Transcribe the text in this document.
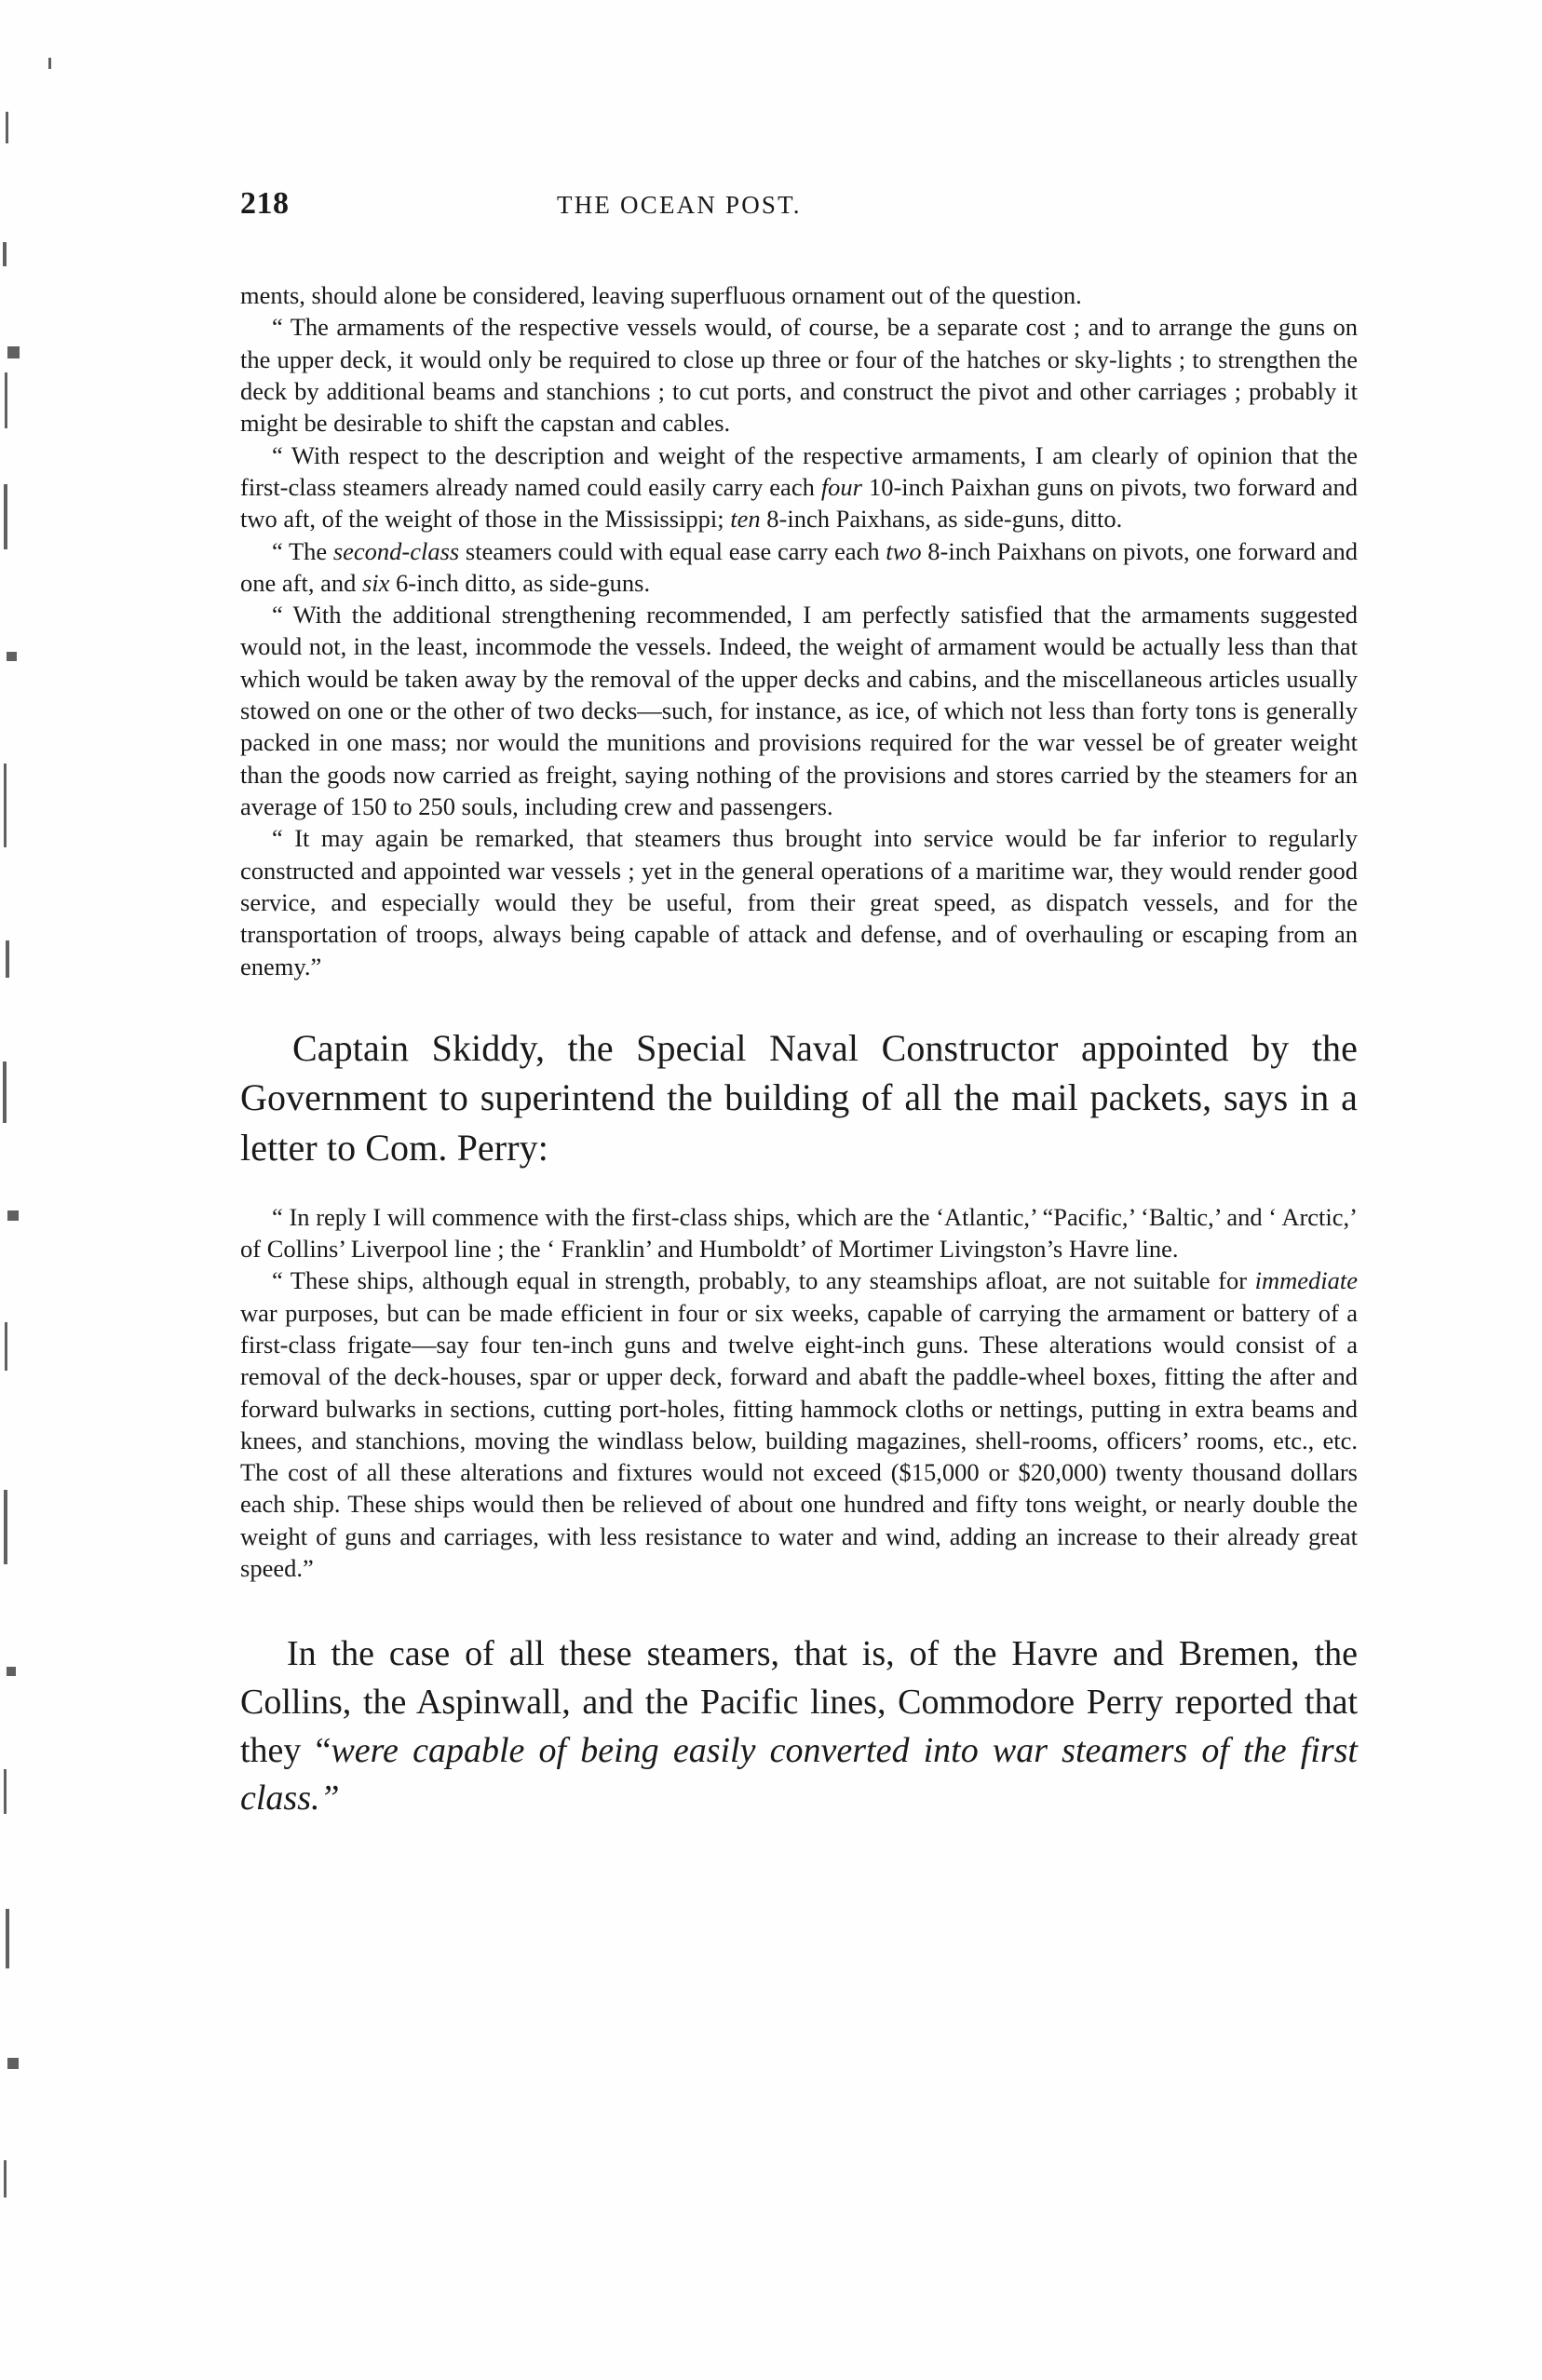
218	THE OCEAN POST.

ments, should alone be considered, leaving superfluous ornament out of the question.

“ The armaments of the respective vessels would, of course, be a separate cost ; and to arrange the guns on the upper deck, it would only be required to close up three or four of the hatches or sky-lights ; to strengthen the deck by additional beams and stanchions ; to cut ports, and construct the pivot and other carriages ; probably it might be desirable to shift the capstan and cables.

“ With respect to the description and weight of the respective armaments, I am clearly of opinion that the first-class steamers already named could easily carry each four 10-inch Paixhan guns on pivots, two forward and two aft, of the weight of those in the Mississippi; ten 8-inch Paixhans, as side-guns, ditto.

“ The second-class steamers could with equal ease carry each two 8-inch Paixhans on pivots, one forward and one aft, and six 6-inch ditto, as side-guns.

“ With the additional strengthening recommended, I am perfectly satisfied that the armaments suggested would not, in the least, incommode the vessels. Indeed, the weight of armament would be actually less than that which would be taken away by the removal of the upper decks and cabins, and the miscellaneous articles usually stowed on one or the other of two decks—such, for instance, as ice, of which not less than forty tons is generally packed in one mass; nor would the munitions and provisions required for the war vessel be of greater weight than the goods now carried as freight, saying nothing of the provisions and stores carried by the steamers for an average of 150 to 250 souls, including crew and passengers.

“ It may again be remarked, that steamers thus brought into service would be far inferior to regularly constructed and appointed war vessels ; yet in the general operations of a maritime war, they would render good service, and especially would they be useful, from their great speed, as dispatch vessels, and for the transportation of troops, always being capable of attack and defense, and of overhauling or escaping from an enemy.”

Captain Skiddy, the Special Naval Constructor appointed by the Government to superintend the building of all the mail packets, says in a letter to Com. Perry:

“ In reply I will commence with the first-class ships, which are the ‘Atlantic,’ “Pacific,’ ‘Baltic,’ and ‘ Arctic,’ of Collins’ Liverpool line ; the ‘ Franklin’ and Humboldt’ of Mortimer Livingston’s Havre line.

“ These ships, although equal in strength, probably, to any steamships afloat, are not suitable for immediate war purposes, but can be made efficient in four or six weeks, capable of carrying the armament or battery of a first-class frigate—say four ten-inch guns and twelve eight-inch guns. These alterations would consist of a removal of the deck-houses, spar or upper deck, forward and abaft the paddle-wheel boxes, fitting the after and forward bulwarks in sections, cutting port-holes, fitting hammock cloths or nettings, putting in extra beams and knees, and stanchions, moving the windlass below, building magazines, shell-rooms, officers’ rooms, etc., etc. The cost of all these alterations and fixtures would not exceed ($15,000 or $20,000) twenty thousand dollars each ship. These ships would then be relieved of about one hundred and fifty tons weight, or nearly double the weight of guns and carriages, with less resistance to water and wind, adding an increase to their already great speed.”

In the case of all these steamers, that is, of the Havre and Bremen, the Collins, the Aspinwall, and the Pacific lines, Commodore Perry reported that they “were capable of being easily converted into war steamers of the first class.”
